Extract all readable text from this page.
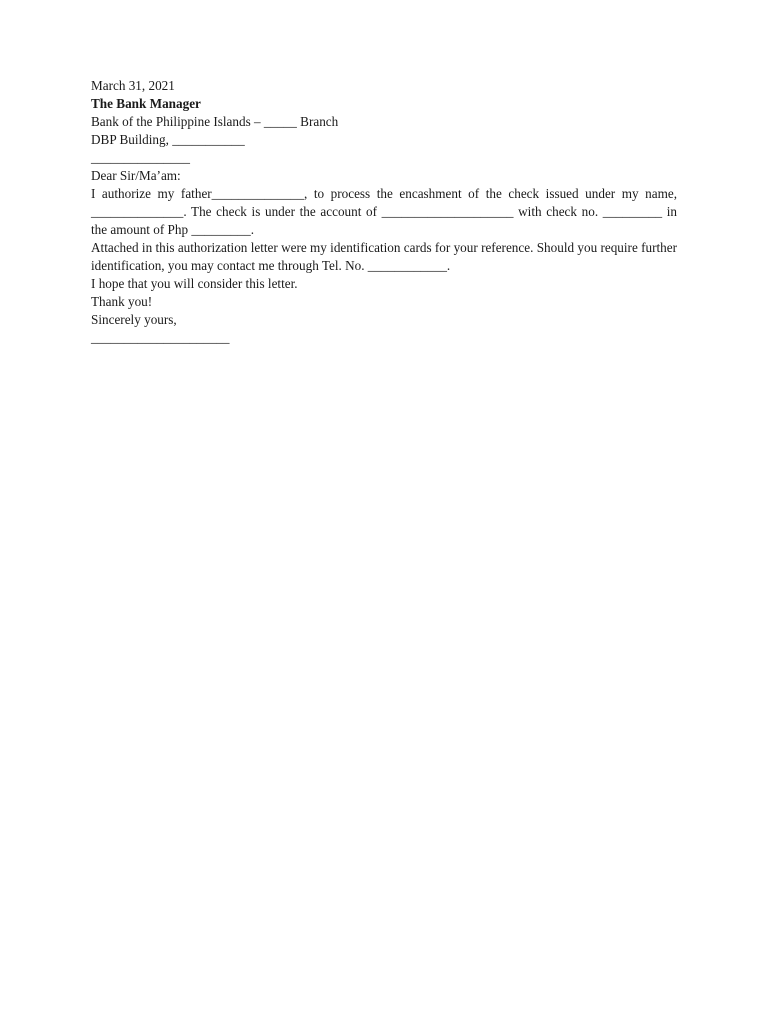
March 31, 2021

The Bank Manager

Bank of the Philippine Islands – _____ Branch

DBP Building, ___________

_______________

Dear Sir/Ma’am:

I authorize my father______________, to process the encashment of the check issued under my name, ______________. The check is under the account of ____________________ with check no. _________ in the amount of Php _________.

Attached in this authorization letter were my identification cards for your reference. Should you require further identification, you may contact me through Tel. No. ____________.

I hope that you will consider this letter.

Thank you!

Sincerely yours,

_____________________
